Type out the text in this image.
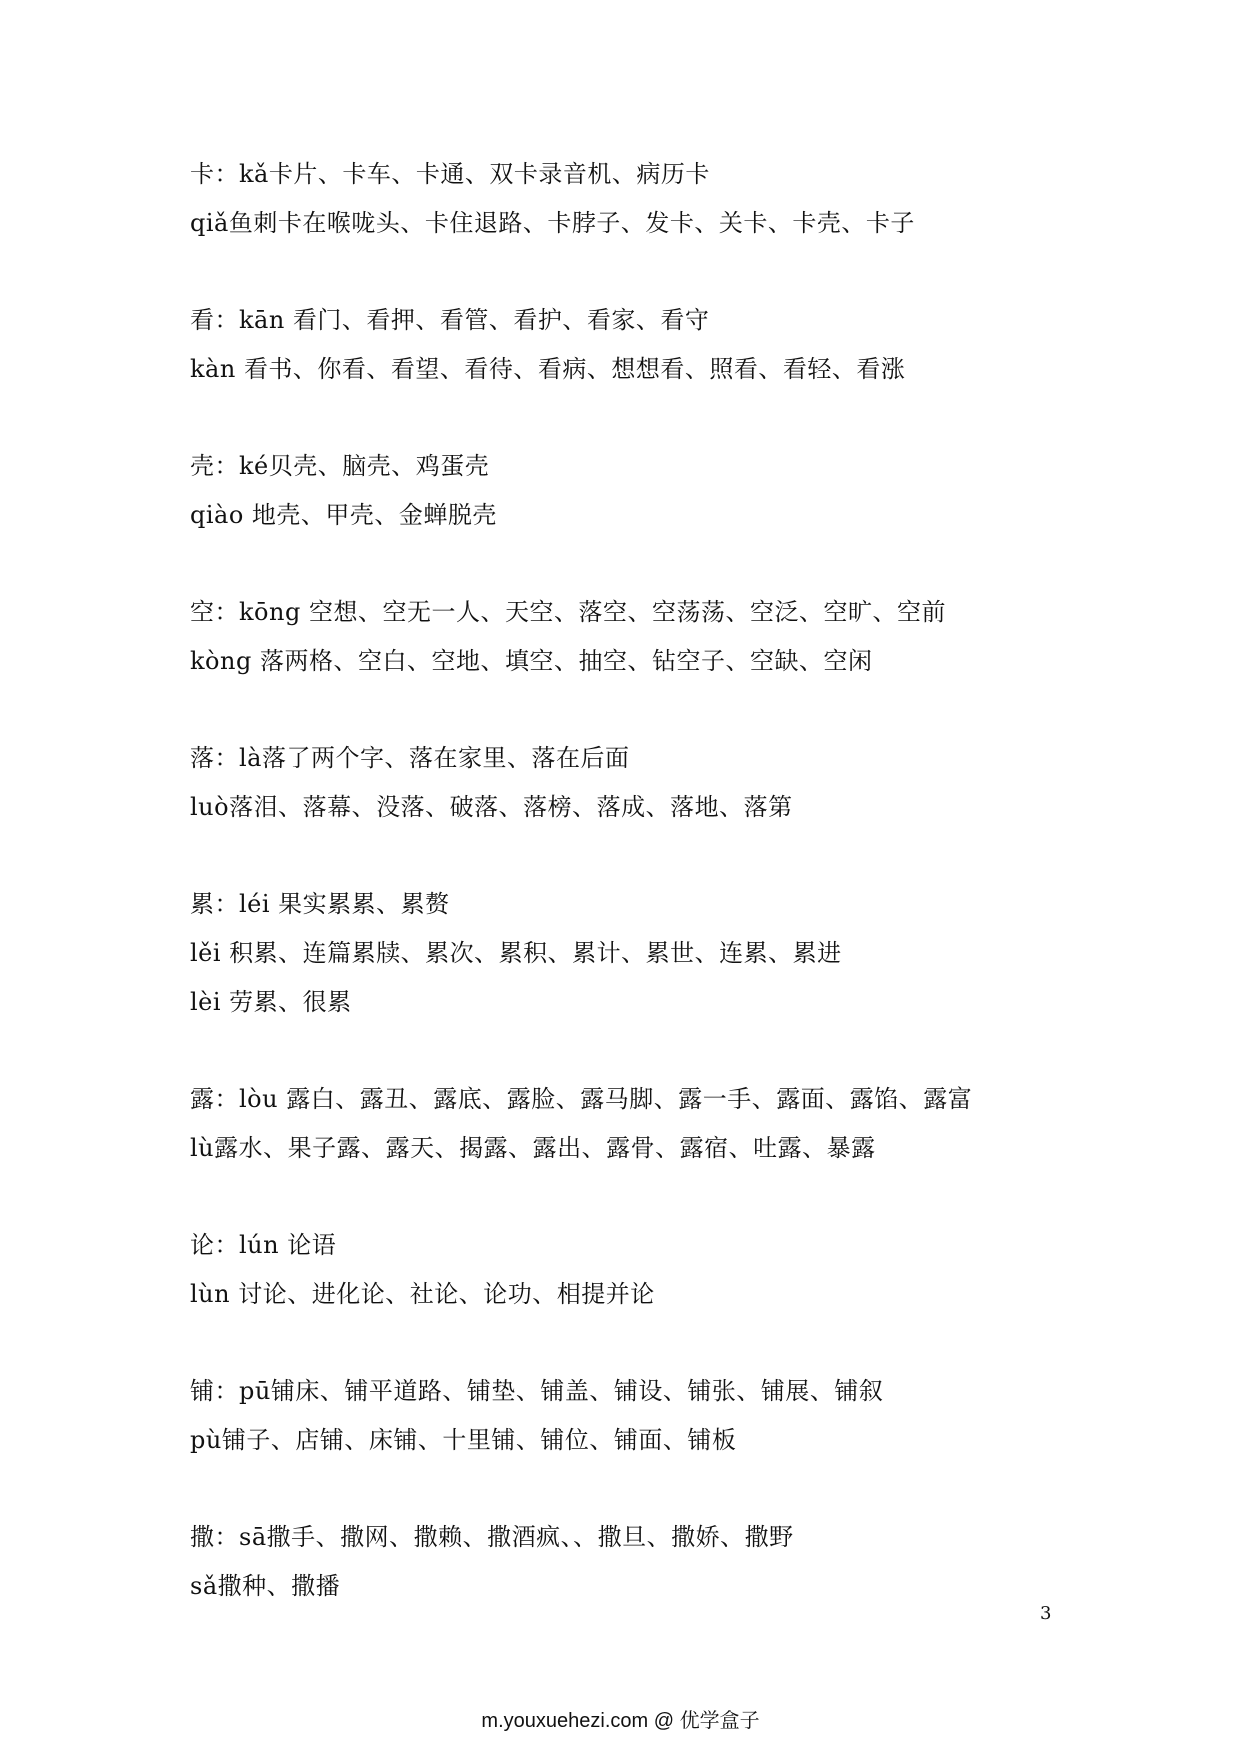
卡：kǎ卡片、卡车、卡通、双卡录音机、病历卡
qiǎ鱼刺卡在喉咙头、卡住退路、卡脖子、发卡、关卡、卡壳、卡子
看：kān 看门、看押、看管、看护、看家、看守
kàn 看书、你看、看望、看待、看病、想想看、照看、看轻、看涨
壳：ké贝壳、脑壳、鸡蛋壳
qiào 地壳、甲壳、金蝉脱壳
空：kōng 空想、空无一人、天空、落空、空荡荡、空泛、空旷、空前
kòng 落两格、空白、空地、填空、抽空、钻空子、空缺、空闲
落：là落了两个字、落在家里、落在后面
luò落泪、落幕、没落、破落、落榜、落成、落地、落第
累：léi 果实累累、累赘
lěi 积累、连篇累牍、累次、累积、累计、累世、连累、累进
lèi 劳累、很累
露：lòu 露白、露丑、露底、露脸、露马脚、露一手、露面、露馅、露富
lù露水、果子露、露天、揭露、露出、露骨、露宿、吐露、暴露
论：lún 论语
lùn 讨论、进化论、社论、论功、相提并论
铺：pū铺床、铺平道路、铺垫、铺盖、铺设、铺张、铺展、铺叙
pù铺子、店铺、床铺、十里铺、铺位、铺面、铺板
撒：sā撒手、撒网、撒赖、撒酒疯、、撒旦、撒娇、撒野
sǎ撒种、撒播
3
m.youxuehezi.com @ 优学盒子
